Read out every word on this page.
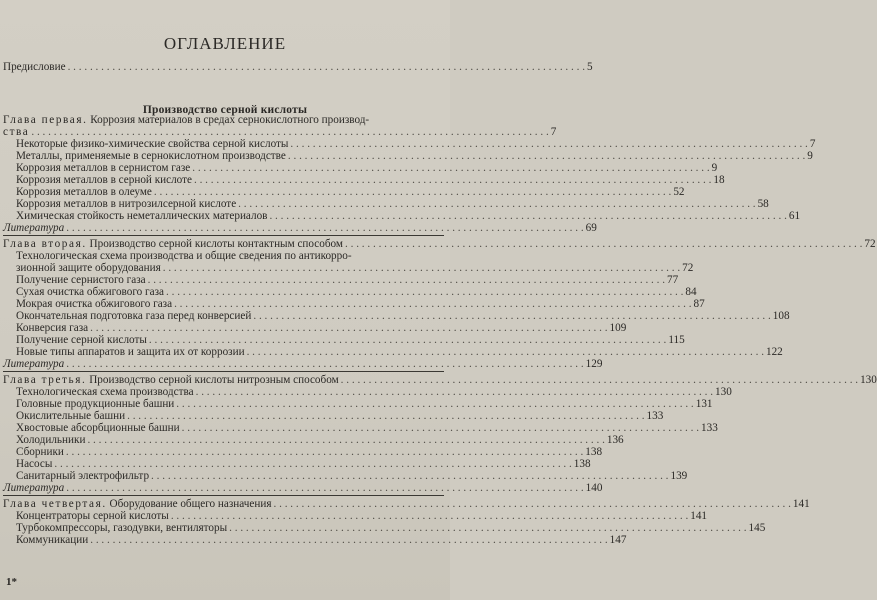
ОГЛАВЛЕНИЕ
Предисловие . . .	5
Производство серной кислоты
Глава первая. Коррозия материалов в средах сернокислотного производ-
ства . . .	7
Некоторые физико-химические свойства серной кислоты . . .	7
Металлы, применяемые в сернокислотном производстве . . .	9
Коррозия металлов в сернистом газе . . .	9
Коррозия металлов в серной кислоте . . .	18
Коррозия металлов в олеуме . . .	52
Коррозия металлов в нитрозилсерной кислоте . . .	58
Химическая стойкость неметаллических материалов . . .	61
Литература . . .	69
Глава вторая. Производство серной кислоты контактным способом . . .	72
Технологическая схема производства и общие сведения по антикорро-
зионной защите оборудования . . .	72
Получение сернистого газа . . .	77
Сухая очистка обжигового газа . . .	84
Мокрая очистка обжигового газа . . .	87
Окончательная подготовка газа перед конверсией . . .	108
Конверсия газа . . .	109
Получение серной кислоты . . .	115
Новые типы аппаратов и защита их от коррозии . . .	122
Литература . . .	129
Глава третья. Производство серной кислоты нитрозным способом . . .	130
Технологическая схема производства . . .	130
Головные продукционные башни . . .	131
Окислительные башни . . .	133
Хвостовые абсорбционные башни . . .	133
Холодильники . . .	136
Сборники . . .	138
Насосы . . .	138
Санитарный электрофильтр . . .	139
Литература . . .	140
Глава четвертая. Оборудование общего назначения . . .	141
Концентраторы серной кислоты . . .	141
Турбокомпрессоры, газодувки, вентиляторы . . .	145
Коммуникации . . .	147
1*
